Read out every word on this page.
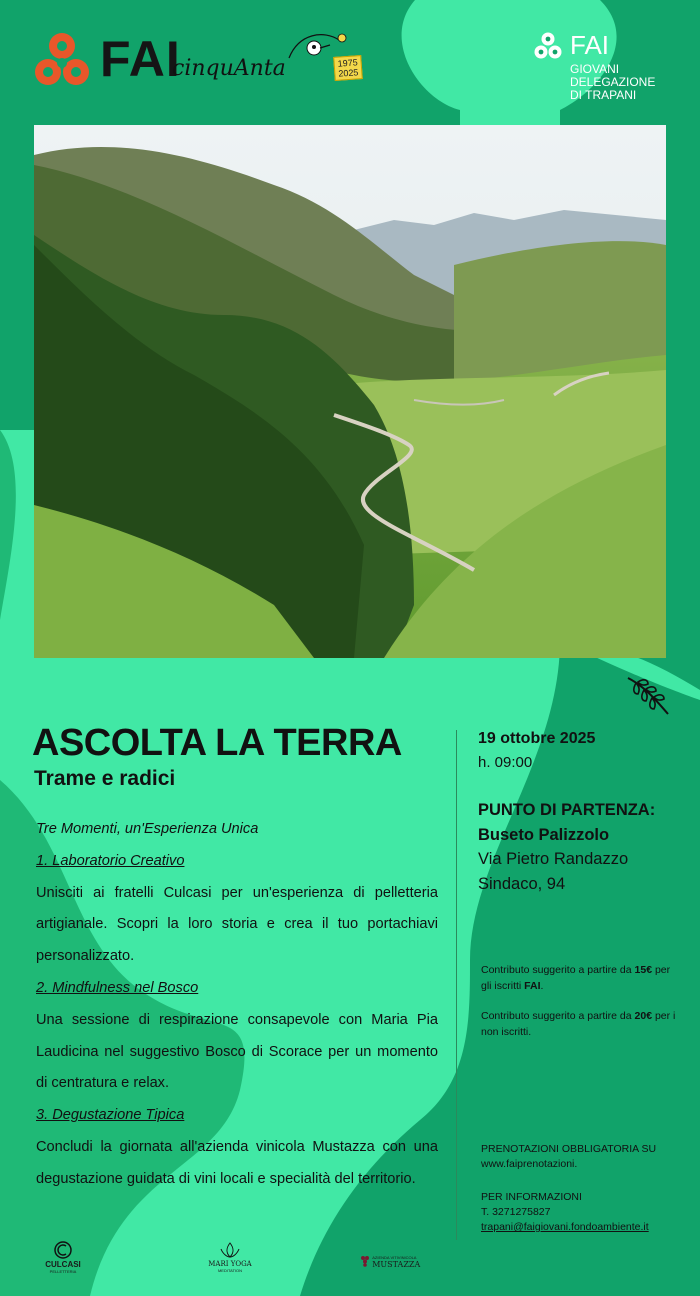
FAI
cinquAnta	1975
2025
FAI
GIOVANI
DELEGAZIONE
DI TRAPANI
ASCOLTA LA TERRA
Trame e radici

Tre Momenti, un'Esperienza Unica

1. Laboratorio Creativo

Unisciti ai fratelli Culcasi per un'esperienza di pelletteria artigianale. Scopri la loro storia e crea il tuo portachiavi personalizzato.

2. Mindfulness nel Bosco

Una sessione di respirazione consapevole con Maria Pia Laudicina nel suggestivo Bosco di Scorace per un momento di centratura e relax.

3. Degustazione Tipica

Concludi la giornata all'azienda vinicola Mustazza con una degustazione guidata di vini locali e specialità del territorio.

19 ottobre 2025
h. 09:00
PUNTO DI PARTENZA:
Buseto Palizzolo
Via Pietro Randazzo
Sindaco, 94
Contributo suggerito a partire da 15€ per gli iscritti FAI.
Contributo suggerito a partire da 20€ per i non iscritti.
PRENOTAZIONI OBBLIGATORIA SU
www.faiprenotazioni.
PER INFORMAZIONI
T. 3271275827
trapani@faigiovani.fondoambiente.it
CULCASI
PELLETTERIA
MARI YOGA
MEDITATION

AZIENDA VITIVINICOLA
MUSTAZZA
